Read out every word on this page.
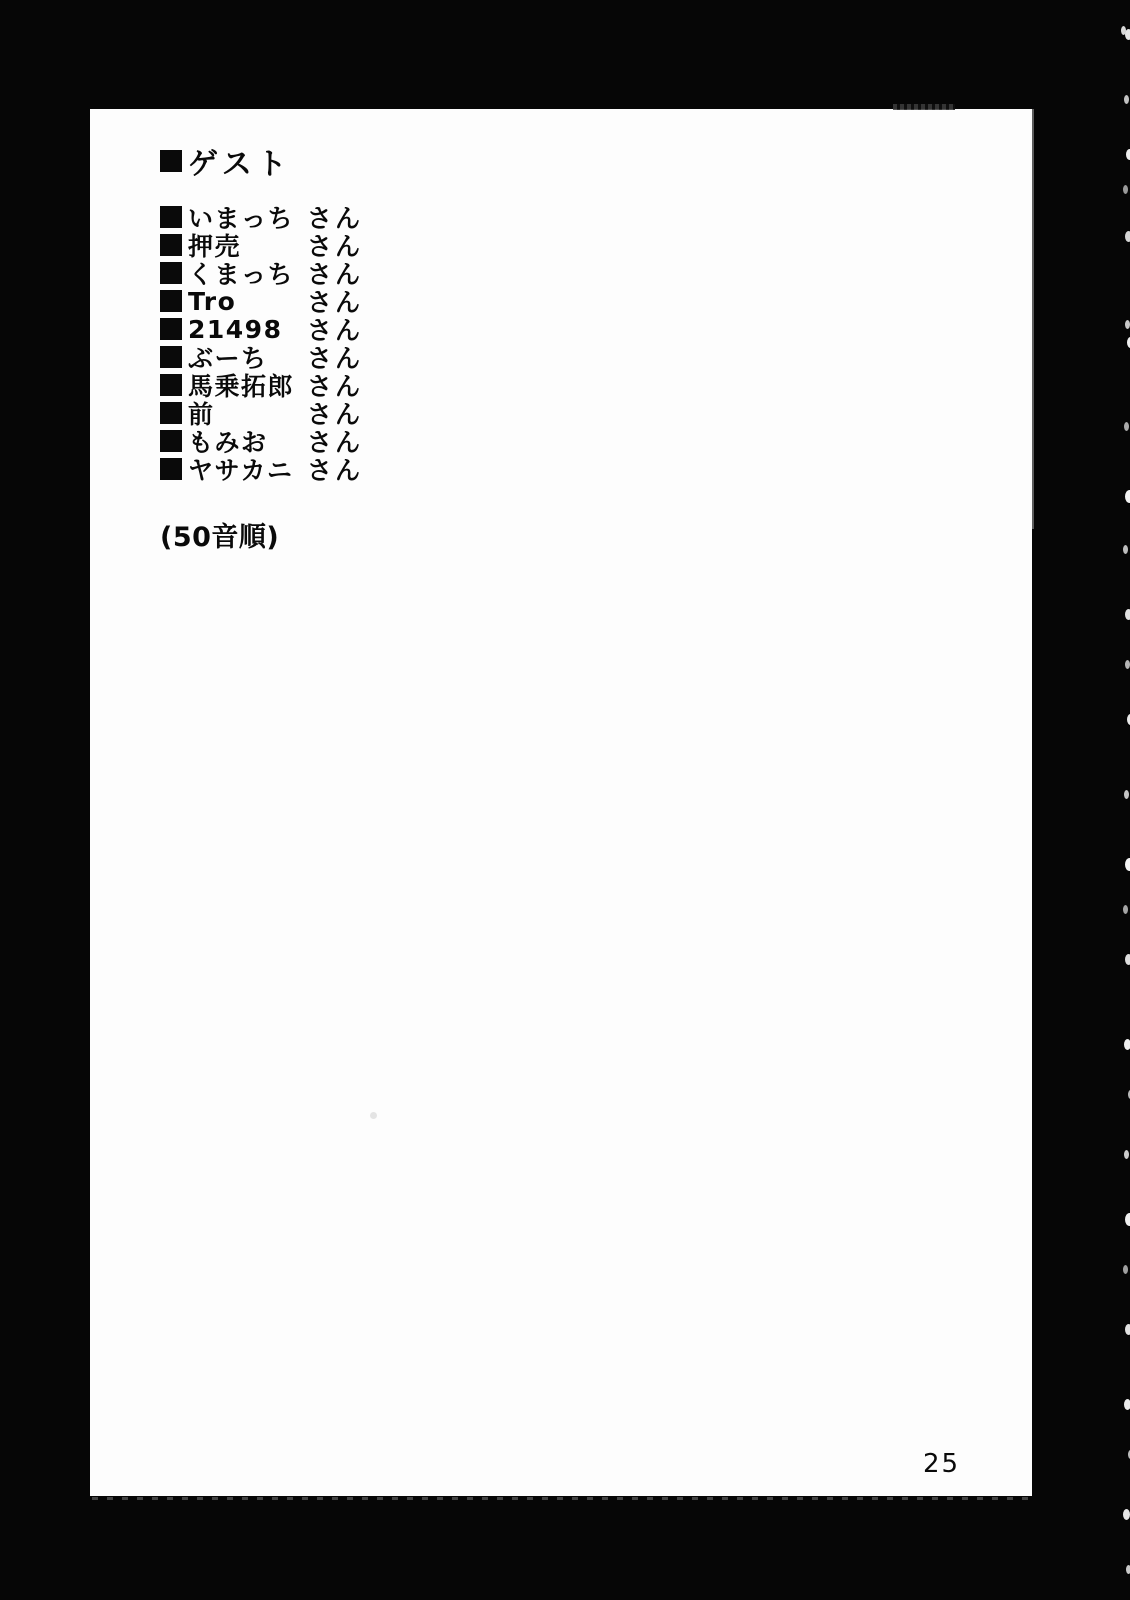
ゲスト
いまっち さん
押売	さん
くまっち さん
Tro	さん
21498 さん
ぶーち	さん
馬乗拓郎 さん
前	さん
もみお	さん
ヤサカニ さん
(50音順)
25
